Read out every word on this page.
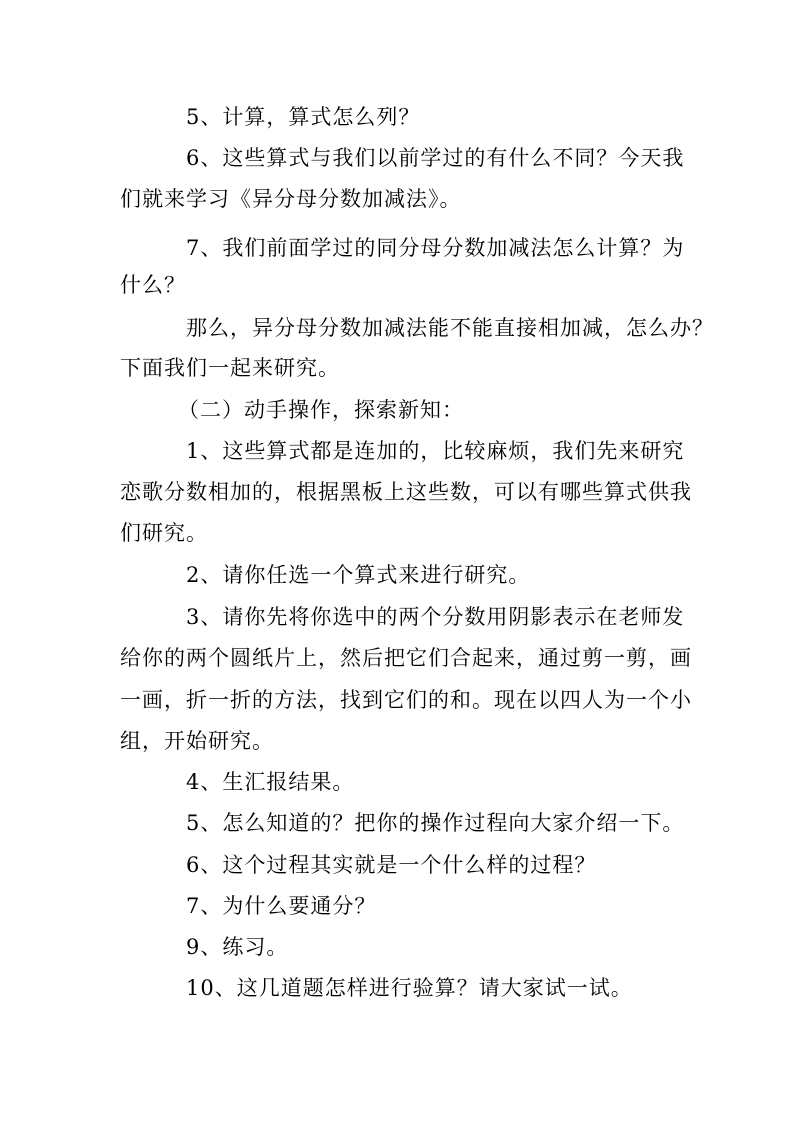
5、计算，算式怎么列？

6、这些算式与我们以前学过的有什么不同？今天我

们就来学习《异分母分数加减法》。

7、我们前面学过的同分母分数加减法怎么计算？为

什么？

那么，异分母分数加减法能不能直接相加减，怎么办？

下面我们一起来研究。

（二）动手操作，探索新知：

1、这些算式都是连加的，比较麻烦，我们先来研究

恋歌分数相加的，根据黑板上这些数，可以有哪些算式供我

们研究。

2、请你任选一个算式来进行研究。

3、请你先将你选中的两个分数用阴影表示在老师发

给你的两个圆纸片上，然后把它们合起来，通过剪一剪，画

一画，折一折的方法，找到它们的和。现在以四人为一个小

组，开始研究。

4、生汇报结果。

5、怎么知道的？把你的操作过程向大家介绍一下。

6、这个过程其实就是一个什么样的过程？

7、为什么要通分？

9、练习。

10、这几道题怎样进行验算？请大家试一试。
